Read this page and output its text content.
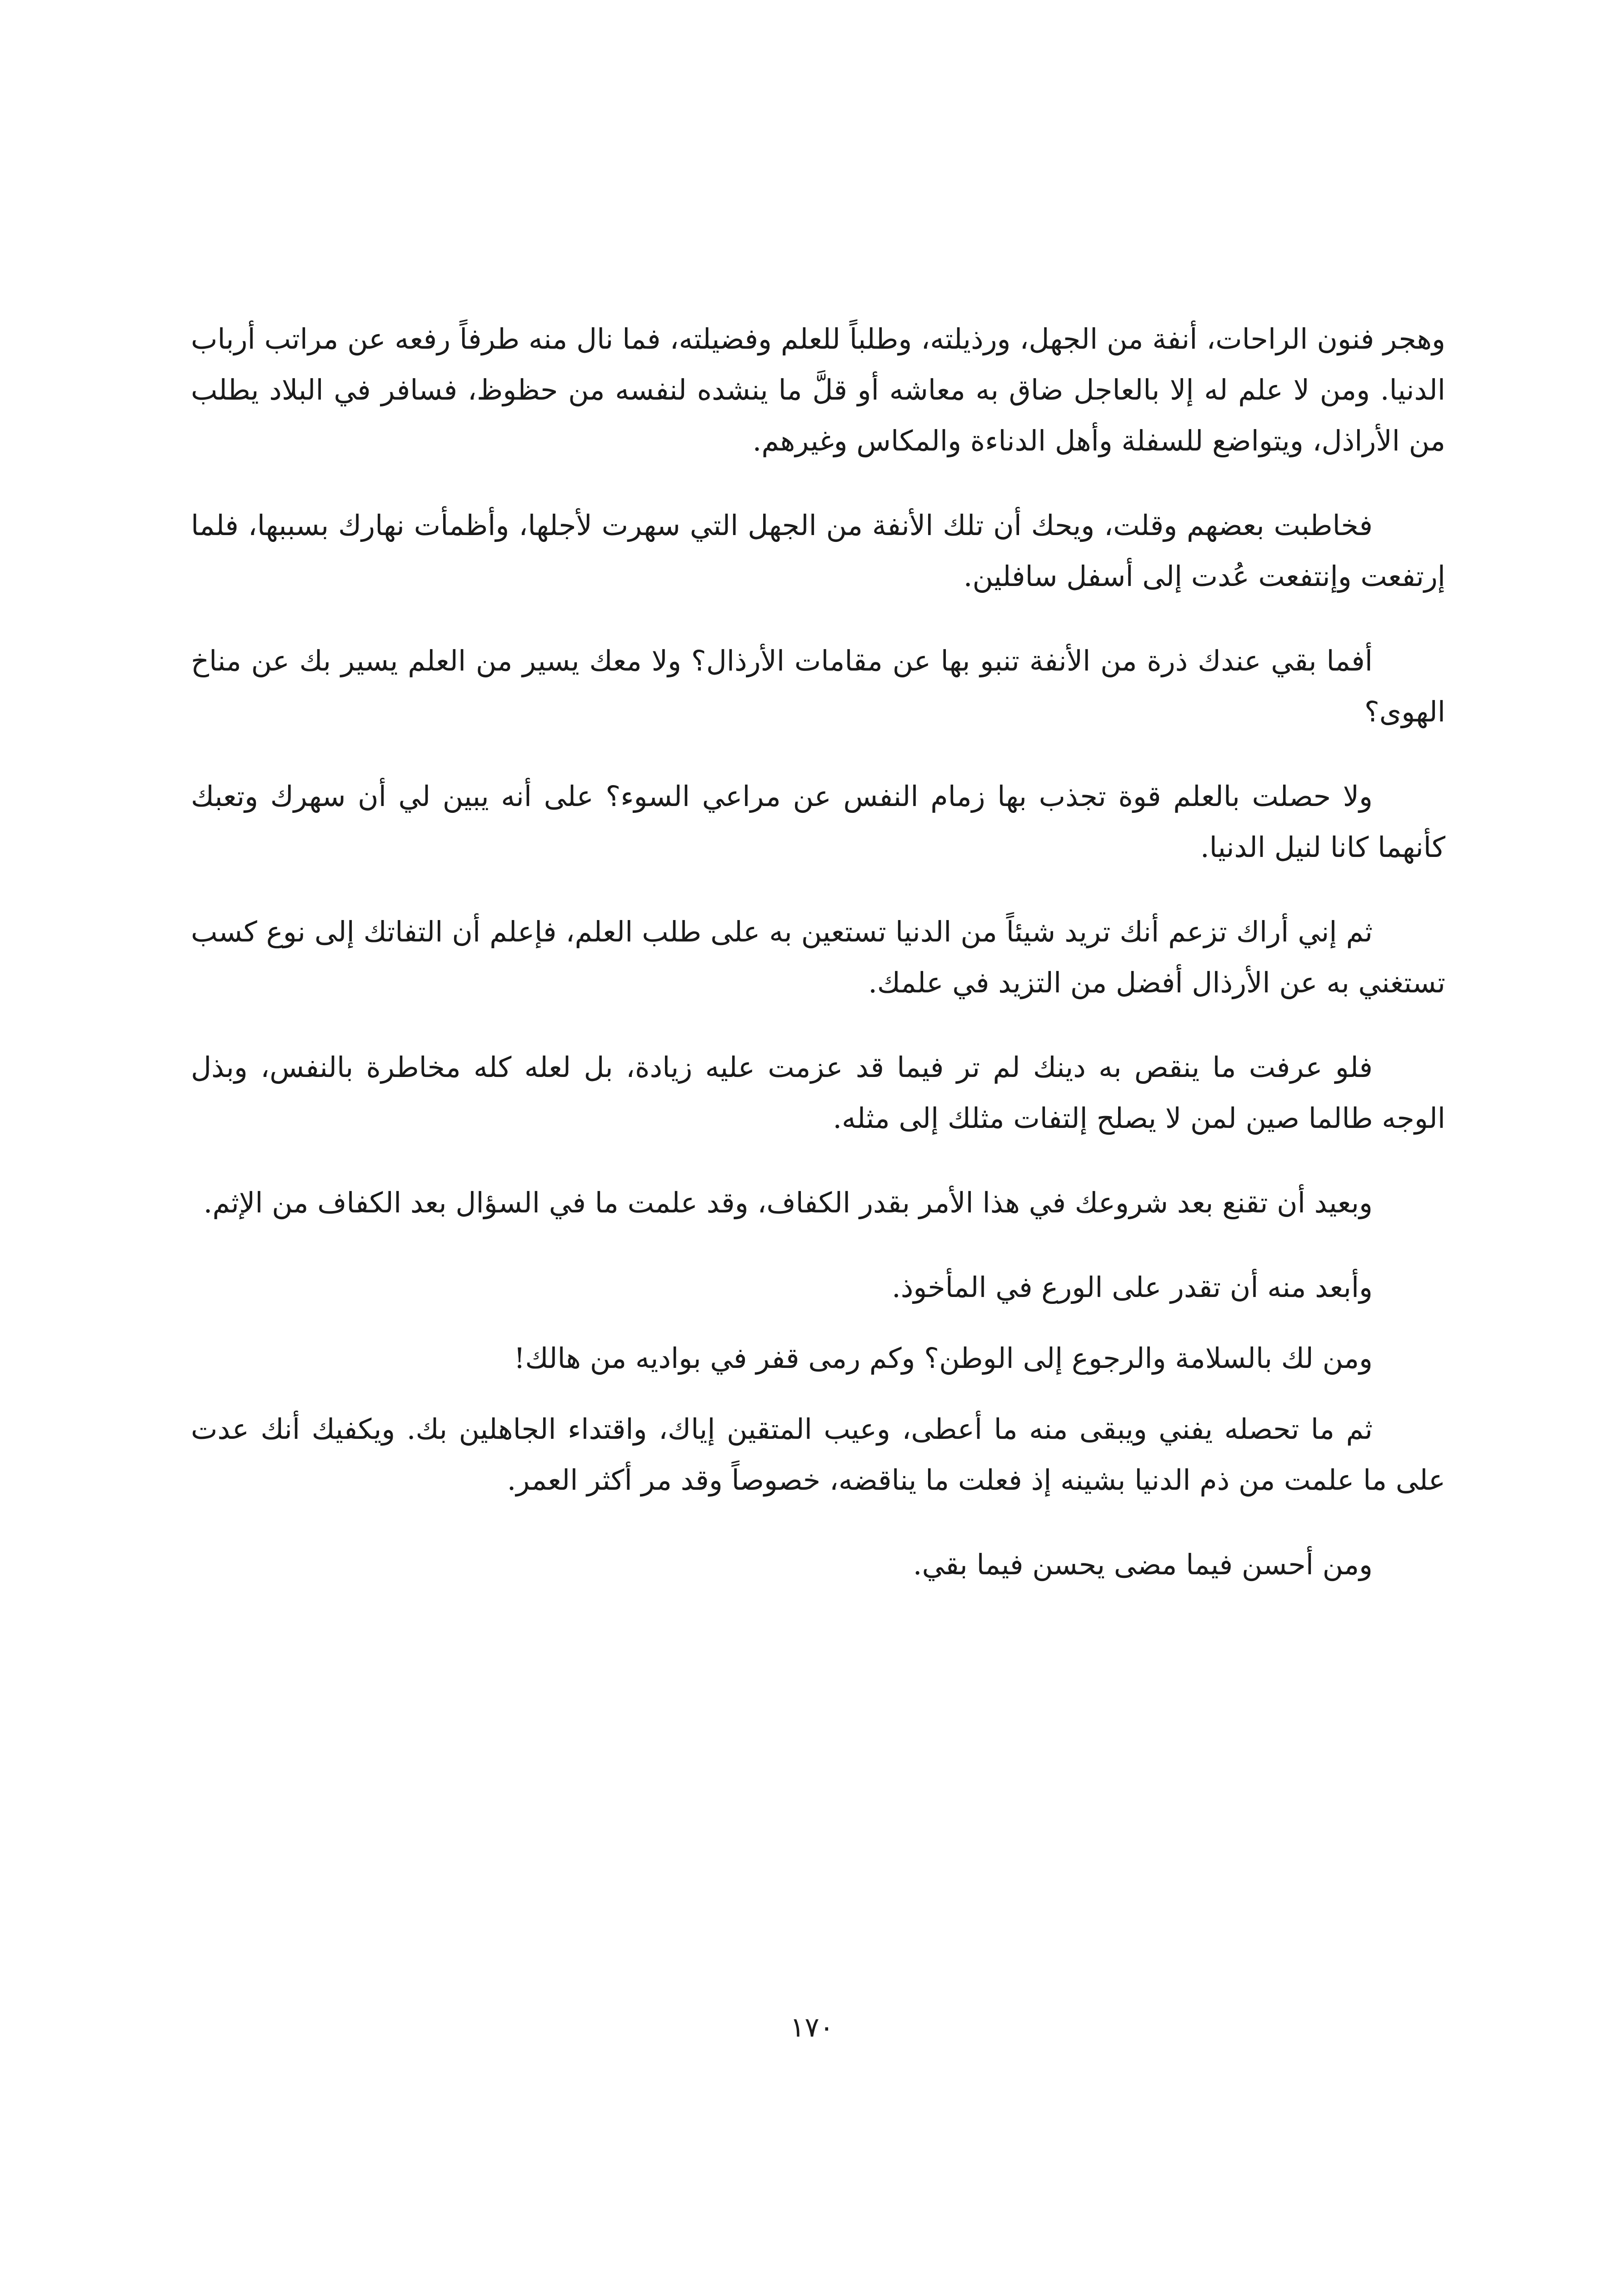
وهجر فنون الراحات، أنفة من الجهل، ورذيلته، وطلباً للعلم وفضيلته، فما نال منه طرفاً رفعه عن مراتب أرباب الدنيا. ومن لا علم له إلا بالعاجل ضاق به معاشه أو قلَّ ما ينشده لنفسه من حظوظ، فسافر في البلاد يطلب من الأراذل، ويتواضع للسفلة وأهل الدناءة والمكاس وغيرهم.

فخاطبت بعضهم وقلت، ويحك أن تلك الأنفة من الجهل التي سهرت لأجلها، وأظمأت نهارك بسببها، فلما إرتفعت وإنتفعت عُدت إلى أسفل سافلين.

أفما بقي عندك ذرة من الأنفة تنبو بها عن مقامات الأرذال؟ ولا معك يسير من العلم يسير بك عن مناخ الهوى؟

ولا حصلت بالعلم قوة تجذب بها زمام النفس عن مراعي السوء؟ على أنه يبين لي أن سهرك وتعبك كأنهما كانا لنيل الدنيا.

ثم إني أراك تزعم أنك تريد شيئاً من الدنيا تستعين به على طلب العلم، فإعلم أن التفاتك إلى نوع كسب تستغني به عن الأرذال أفضل من التزيد في علمك.

فلو عرفت ما ينقص به دينك لم تر فيما قد عزمت عليه زيادة، بل لعله كله مخاطرة بالنفس، وبذل الوجه طالما صين لمن لا يصلح إلتفات مثلك إلى مثله.

وبعيد أن تقنع بعد شروعك في هذا الأمر بقدر الكفاف، وقد علمت ما في السؤال بعد الكفاف من الإثم.

وأبعد منه أن تقدر على الورع في المأخوذ.

ومن لك بالسلامة والرجوع إلى الوطن؟ وكم رمى قفر في بواديه من هالك!

ثم ما تحصله يفني ويبقى منه ما أعطى، وعيب المتقين إياك، واقتداء الجاهلين بك. ويكفيك أنك عدت على ما علمت من ذم الدنيا بشينه إذ فعلت ما يناقضه، خصوصاً وقد مر أكثر العمر.

ومن أحسن فيما مضى يحسن فيما بقي.

١٧٠
